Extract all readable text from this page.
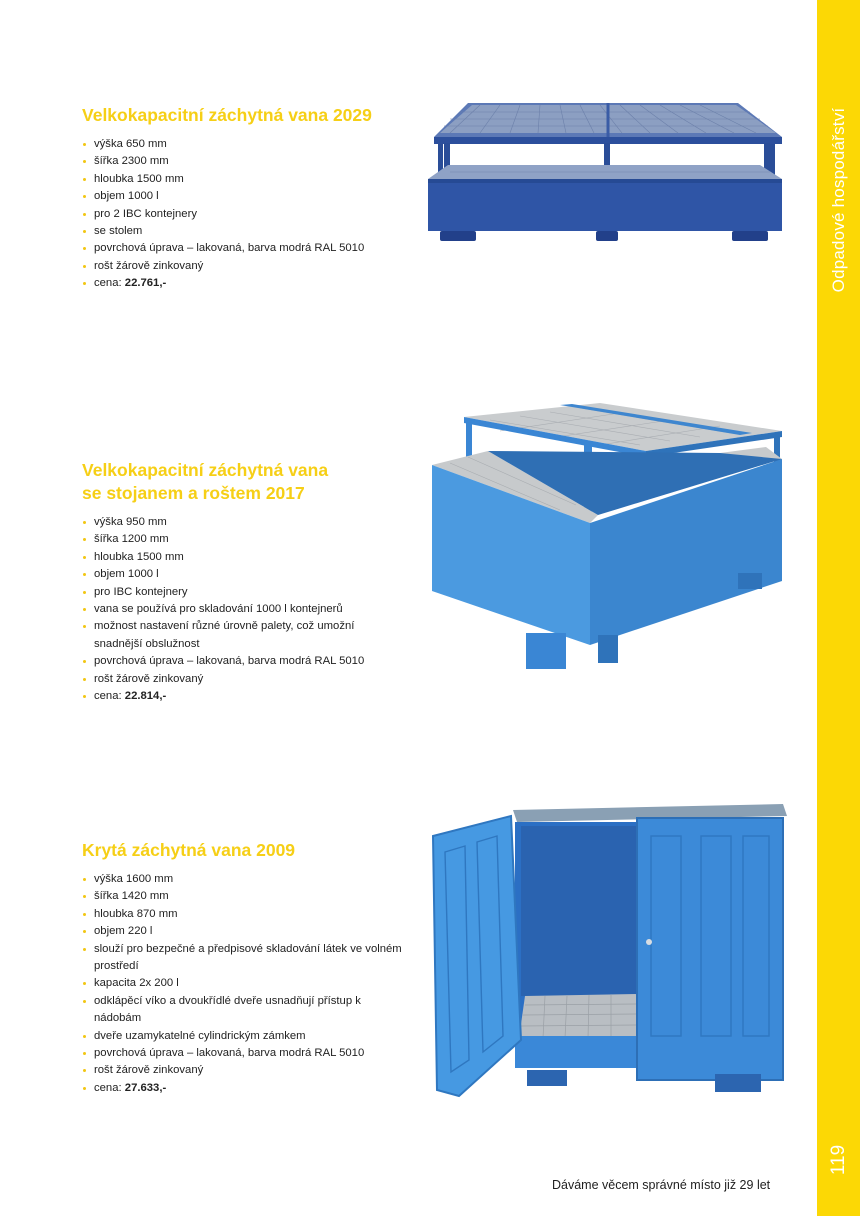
Odpadové hospodářství
119
Velkokapacitní záchytná vana 2029
výška 650 mm
šířka 2300 mm
hloubka 1500 mm
objem 1000 l
pro 2 IBC kontejnery
se stolem
povrchová úprava – lakovaná, barva modrá RAL 5010
rošt žárově zinkovaný
cena: 22.761,-
Velkokapacitní záchytná vana
se stojanem a roštem 2017
výška 950 mm
šířka 1200 mm
hloubka 1500 mm
objem 1000 l
pro IBC kontejnery
vana se používá pro skladování 1000 l kontejnerů
možnost nastavení různé úrovně palety, což umožní snadnější obslužnost
povrchová úprava – lakovaná, barva modrá RAL 5010
rošt žárově zinkovaný
cena: 22.814,-
Krytá záchytná vana 2009
výška 1600 mm
šířka 1420 mm
hloubka 870 mm
objem 220 l
slouží pro bezpečné a předpisové skladování látek ve volném prostředí
kapacita 2x 200 l
odklápěcí víko a dvoukřídlé dveře usnadňují přístup k nádobám
dveře uzamykatelné cylindrickým zámkem
povrchová úprava – lakovaná, barva modrá RAL 5010
rošt žárově zinkovaný
cena: 27.633,-
Dáváme věcem správné místo již 29 let
